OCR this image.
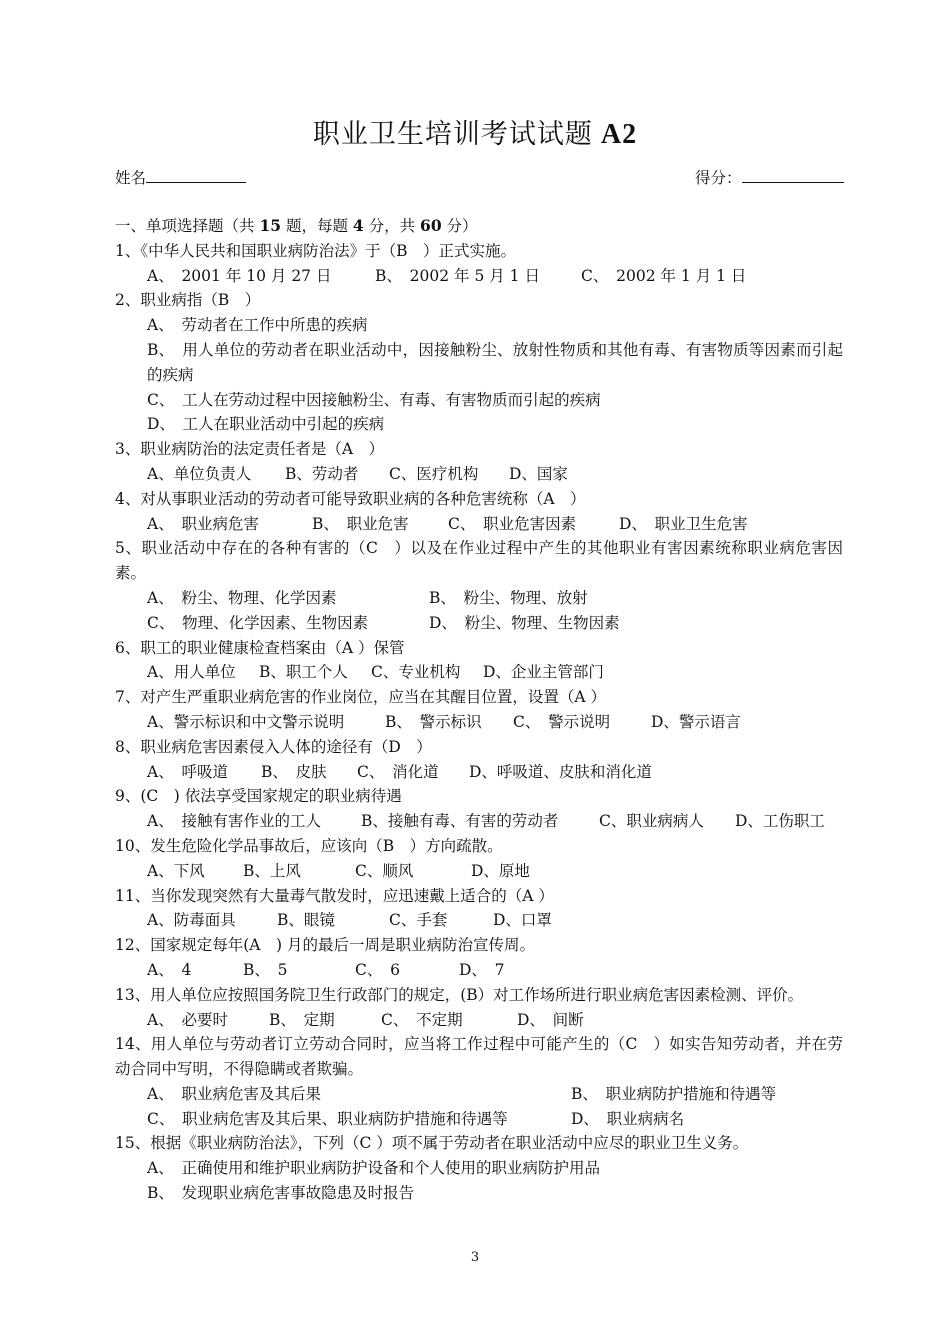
职业卫生培训考试试题 A2
姓名	得分：
一、单项选择题（共 15 题，每题 4 分，共 60 分）
1、《中华人民共和国职业病防治法》于（B　）正式实施。
A、　2001 年 10 月 27 日	B、　2002 年 5 月 1 日	C、　2002 年 1 月 1 日
2、职业病指（B　）
A、　劳动者在工作中所患的疾病
B、　用人单位的劳动者在职业活动中，因接触粉尘、放射性物质和其他有毒、有害物质等因素而引起的疾病
C、　工人在劳动过程中因接触粉尘、有毒、有害物质而引起的疾病
D、　工人在职业活动中引起的疾病
3、职业病防治的法定责任者是（A　）
A、单位负责人 B、劳动者 C、医疗机构 D、国家
4、对从事职业活动的劳动者可能导致职业病的各种危害统称（A　）
A、　职业病危害	B、　职业危害	C、　职业危害因素	D、　职业卫生危害
5、职业活动中存在的各种有害的（C　）以及在作业过程中产生的其他职业有害因素统称职业病危害因素。
A、　粉尘、物理、化学因素	B、　粉尘、物理、放射
C、　物理、化学因素、生物因素	D、　粉尘、物理、生物因素
6、职工的职业健康检查档案由（A ）保管
A、用人单位 B、职工个人 C、专业机构 D、企业主管部门
7、对产生严重职业病危害的作业岗位，应当在其醒目位置，设置（A ）
A、警示标识和中文警示说明	B、　警示标识 C、　警示说明	D、警示语言
8、职业病危害因素侵入人体的途径有（D　）
A、　呼吸道 B、　皮肤 C、　消化道 D、呼吸道、皮肤和消化道
9、(C　) 依法享受国家规定的职业病待遇
A、　接触有害作业的工人	B、接触有毒、有害的劳动者	C、职业病病人 D、工伤职工
10、发生危险化学品事故后，应该向（B　）方向疏散。
A、下风 B、上风	C、顺风	D、原地
11、当你发现突然有大量毒气散发时，应迅速戴上适合的（A ）
A、防毒面具	B、眼镜	C、手套	D、口罩
12、国家规定每年(A　) 月的最后一周是职业病防治宣传周。
A、　4	B、　5	C、　6	D、　7
13、用人单位应按照国务院卫生行政部门的规定，(B）对工作场所进行职业病危害因素检测、评价。
A、　必要时	B、　定期	C、　不定期	D、　间断
14、用人单位与劳动者订立劳动合同时，应当将工作过程中可能产生的（C　）如实告知劳动者，并在劳动合同中写明，不得隐瞒或者欺骗。
A、　职业病危害及其后果	B、　职业病防护措施和待遇等
C、　职业病危害及其后果、职业病防护措施和待遇等	D、　职业病病名
15、根据《职业病防治法》，下列（C ）项不属于劳动者在职业活动中应尽的职业卫生义务。
A、　正确使用和维护职业病防护设备和个人使用的职业病防护用品
B、　发现职业病危害事故隐患及时报告
3
